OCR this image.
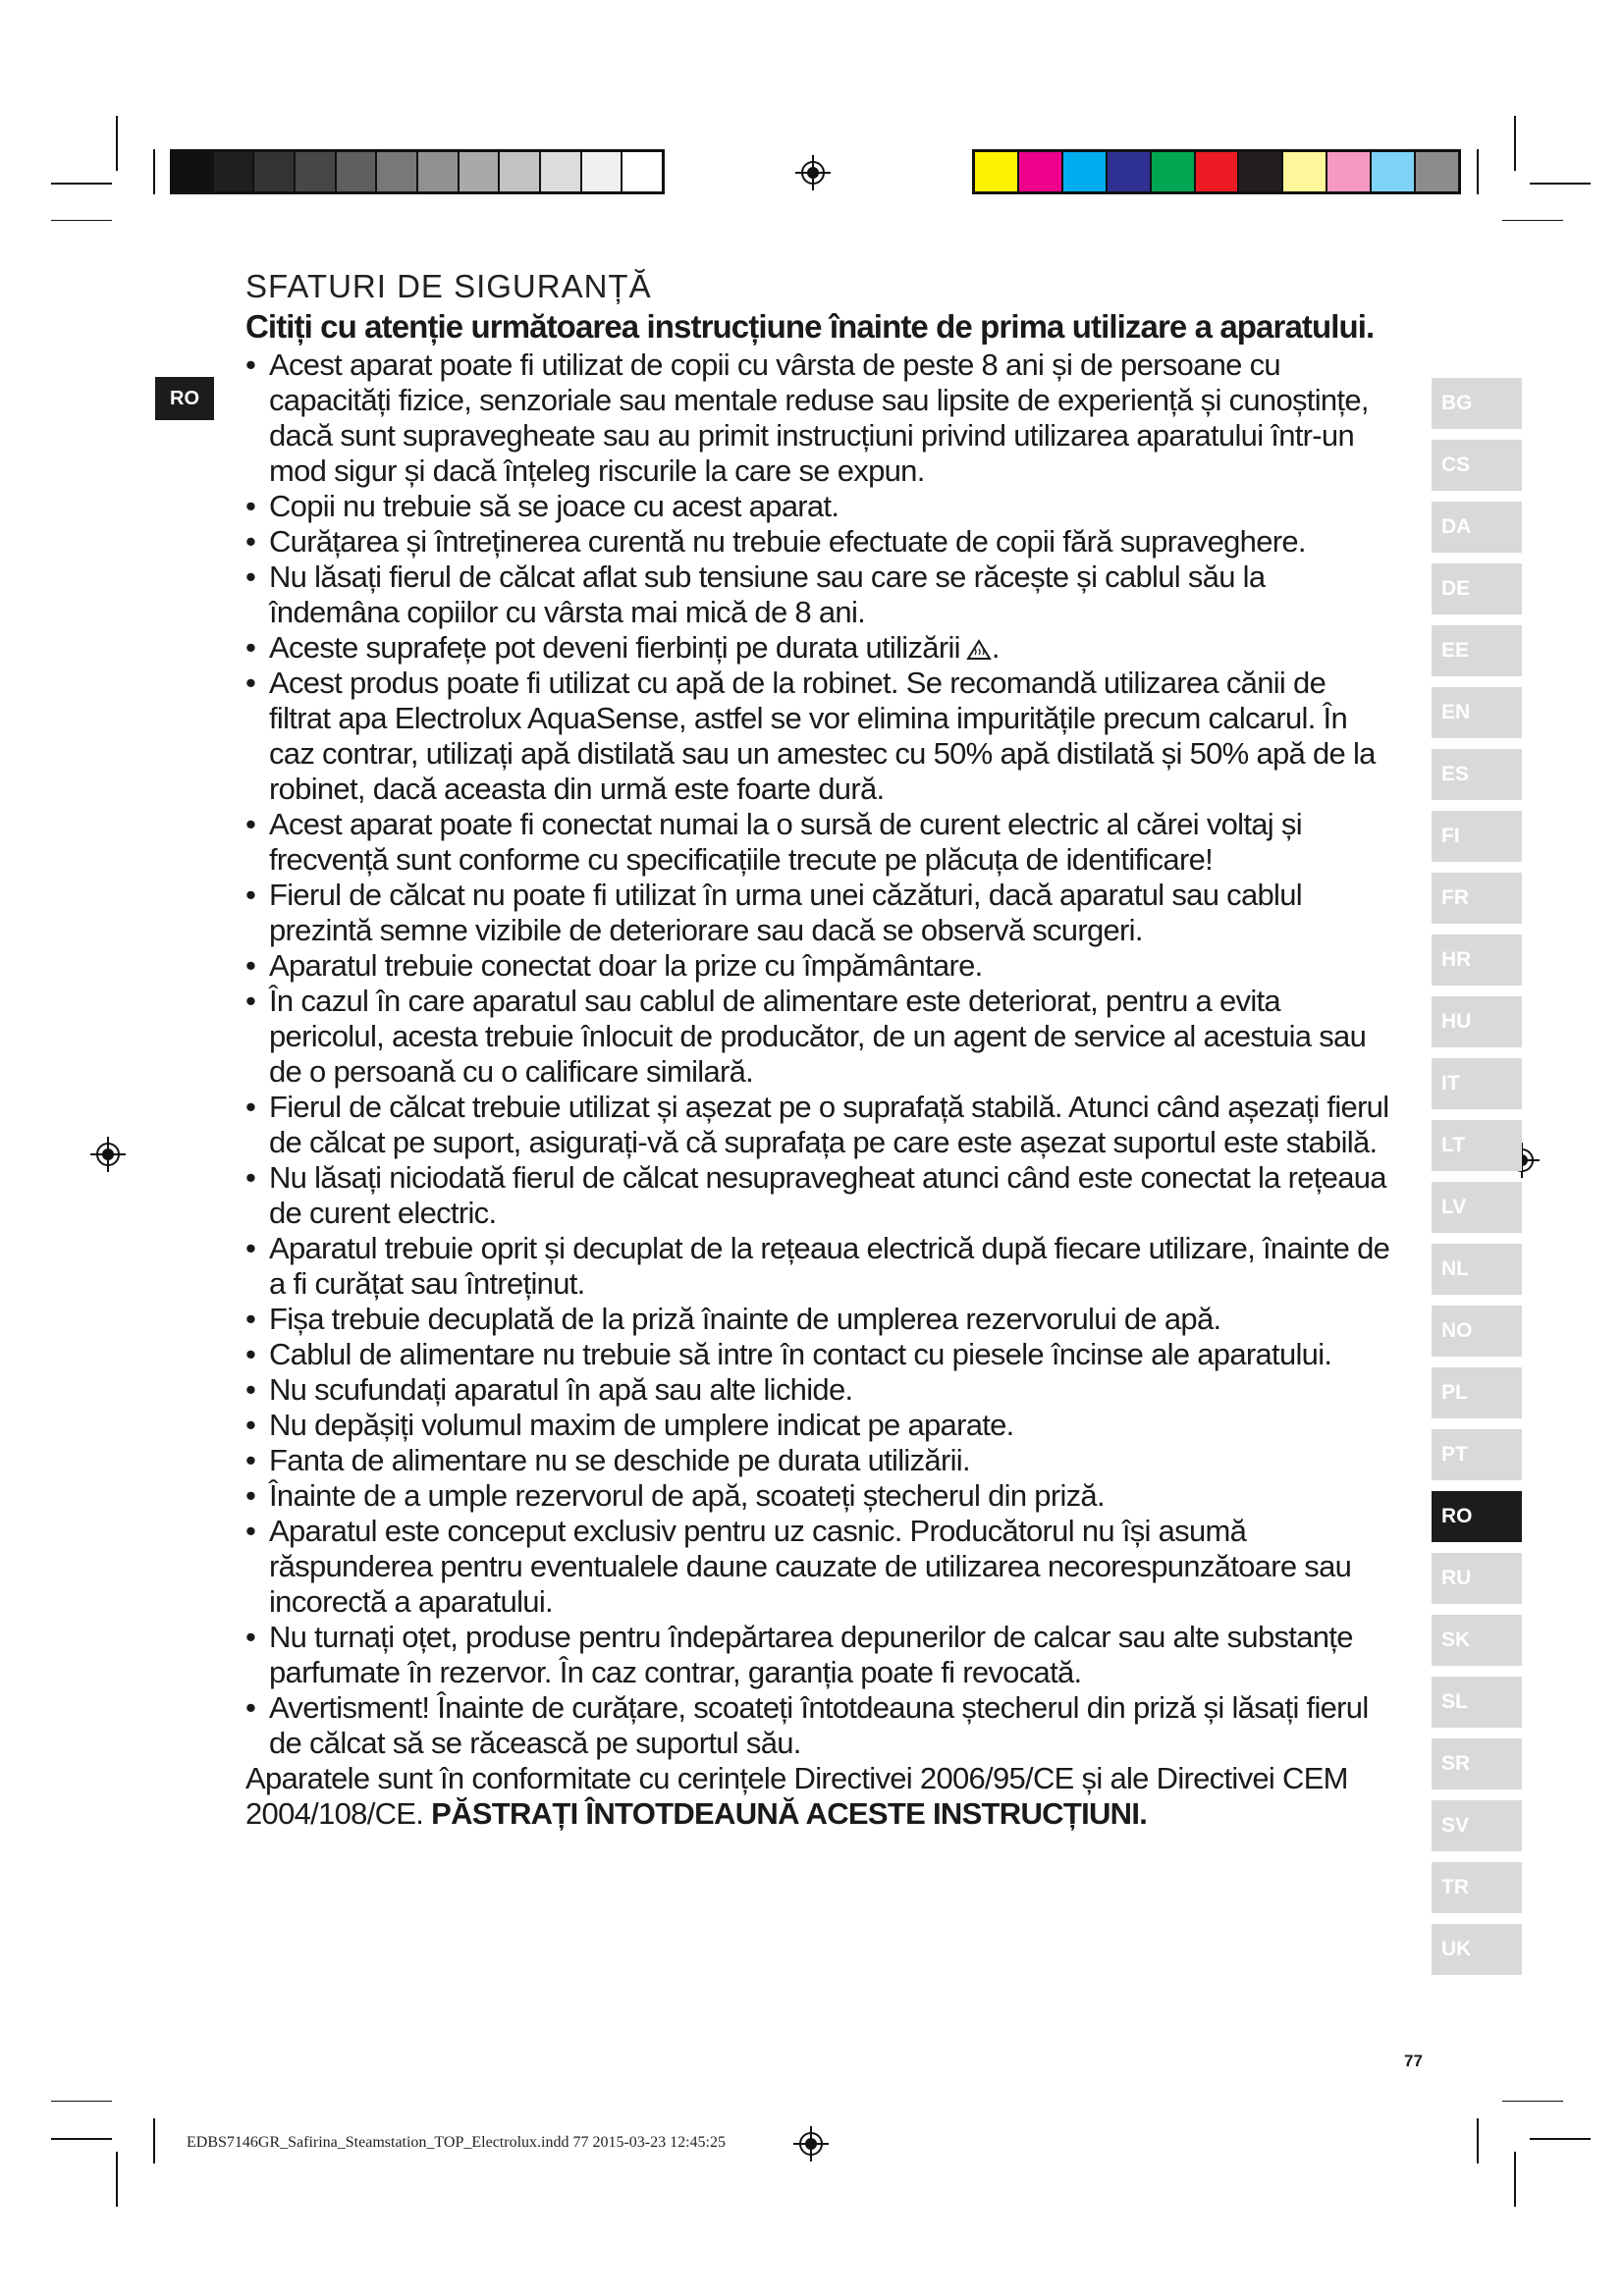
RO
SFATURI DE SIGURANȚĂ

Citiți cu atenție următoarea instrucțiune înainte de prima utilizare a aparatului.

• Acest aparat poate fi utilizat de copii cu vârsta de peste 8 ani și de persoane cu capacități fizice, senzoriale sau mentale reduse sau lipsite de experiență și cunoștințe, dacă sunt supravegheate sau au primit instrucțiuni privind utilizarea aparatului într-un mod sigur și dacă înțeleg riscurile la care se expun.
• Copii nu trebuie să se joace cu acest aparat.
• Curățarea și întreținerea curentă nu trebuie efectuate de copii fără supraveghere.
• Nu lăsați fierul de călcat aflat sub tensiune sau care se răcește și cablul său la îndemâna copiilor cu vârsta mai mică de 8 ani.
• Aceste suprafețe pot deveni fierbinți pe durata utilizării .
• Acest produs poate fi utilizat cu apă de la robinet. Se recomandă utilizarea cănii de filtrat apa Electrolux AquaSense, astfel se vor elimina impuritățile precum calcarul. În caz contrar, utilizați apă distilată sau un amestec cu 50% apă distilată și 50% apă de la robinet, dacă aceasta din urmă este foarte dură.
• Acest aparat poate fi conectat numai la o sursă de curent electric al cărei voltaj și frecvență sunt conforme cu specificațiile trecute pe plăcuța de identificare!
• Fierul de călcat nu poate fi utilizat în urma unei căzături, dacă aparatul sau cablul prezintă semne vizibile de deteriorare sau dacă se observă scurgeri.
• Aparatul trebuie conectat doar la prize cu împământare.
• În cazul în care aparatul sau cablul de alimentare este deteriorat, pentru a evita pericolul, acesta trebuie înlocuit de producător, de un agent de service al acestuia sau de o persoană cu o calificare similară.
• Fierul de călcat trebuie utilizat și așezat pe o suprafață stabilă. Atunci când așezați fierul de călcat pe suport, asigurați-vă că suprafața pe care este așezat suportul este stabilă.
• Nu lăsați niciodată fierul de călcat nesupravegheat atunci când este conectat la rețeaua de curent electric.
• Aparatul trebuie oprit și decuplat de la rețeaua electrică după fiecare utilizare, înainte de a fi curățat sau întreținut.
• Fișa trebuie decuplată de la priză înainte de umplerea rezervorului de apă.
• Cablul de alimentare nu trebuie să intre în contact cu piesele încinse ale aparatului.
• Nu scufundați aparatul în apă sau alte lichide.
• Nu depășiți volumul maxim de umplere indicat pe aparate.
• Fanta de alimentare nu se deschide pe durata utilizării.
• Înainte de a umple rezervorul de apă, scoateți ștecherul din priză.
• Aparatul este conceput exclusiv pentru uz casnic. Producătorul nu își asumă răspunderea pentru eventualele daune cauzate de utilizarea necorespunzătoare sau incorectă a aparatului.
• Nu turnați oțet, produse pentru îndepărtarea depunerilor de calcar sau alte substanțe parfumate în rezervor. În caz contrar, garanția poate fi revocată.
• Avertisment! Înainte de curățare, scoateți întotdeauna ștecherul din priză și lăsați fierul de călcat să se răcească pe suportul său.

Aparatele sunt în conformitate cu cerințele Directivei 2006/95/CE și ale Directivei CEM 2004/108/CE. PĂSTRAȚI ÎNTOTDEAUNĂ ACESTE INSTRUCȚIUNI.

BG
CS
DA
DE
EE
EN
ES
FI
FR
HR
HU
IT
LT
LV
NL
NO
PL
PT
RO
RU
SK
SL
SR
SV
TR
UK
77
EDBS7146GR_Safirina_Steamstation_TOP_Electrolux.indd 77 2015-03-23 12:45:25
